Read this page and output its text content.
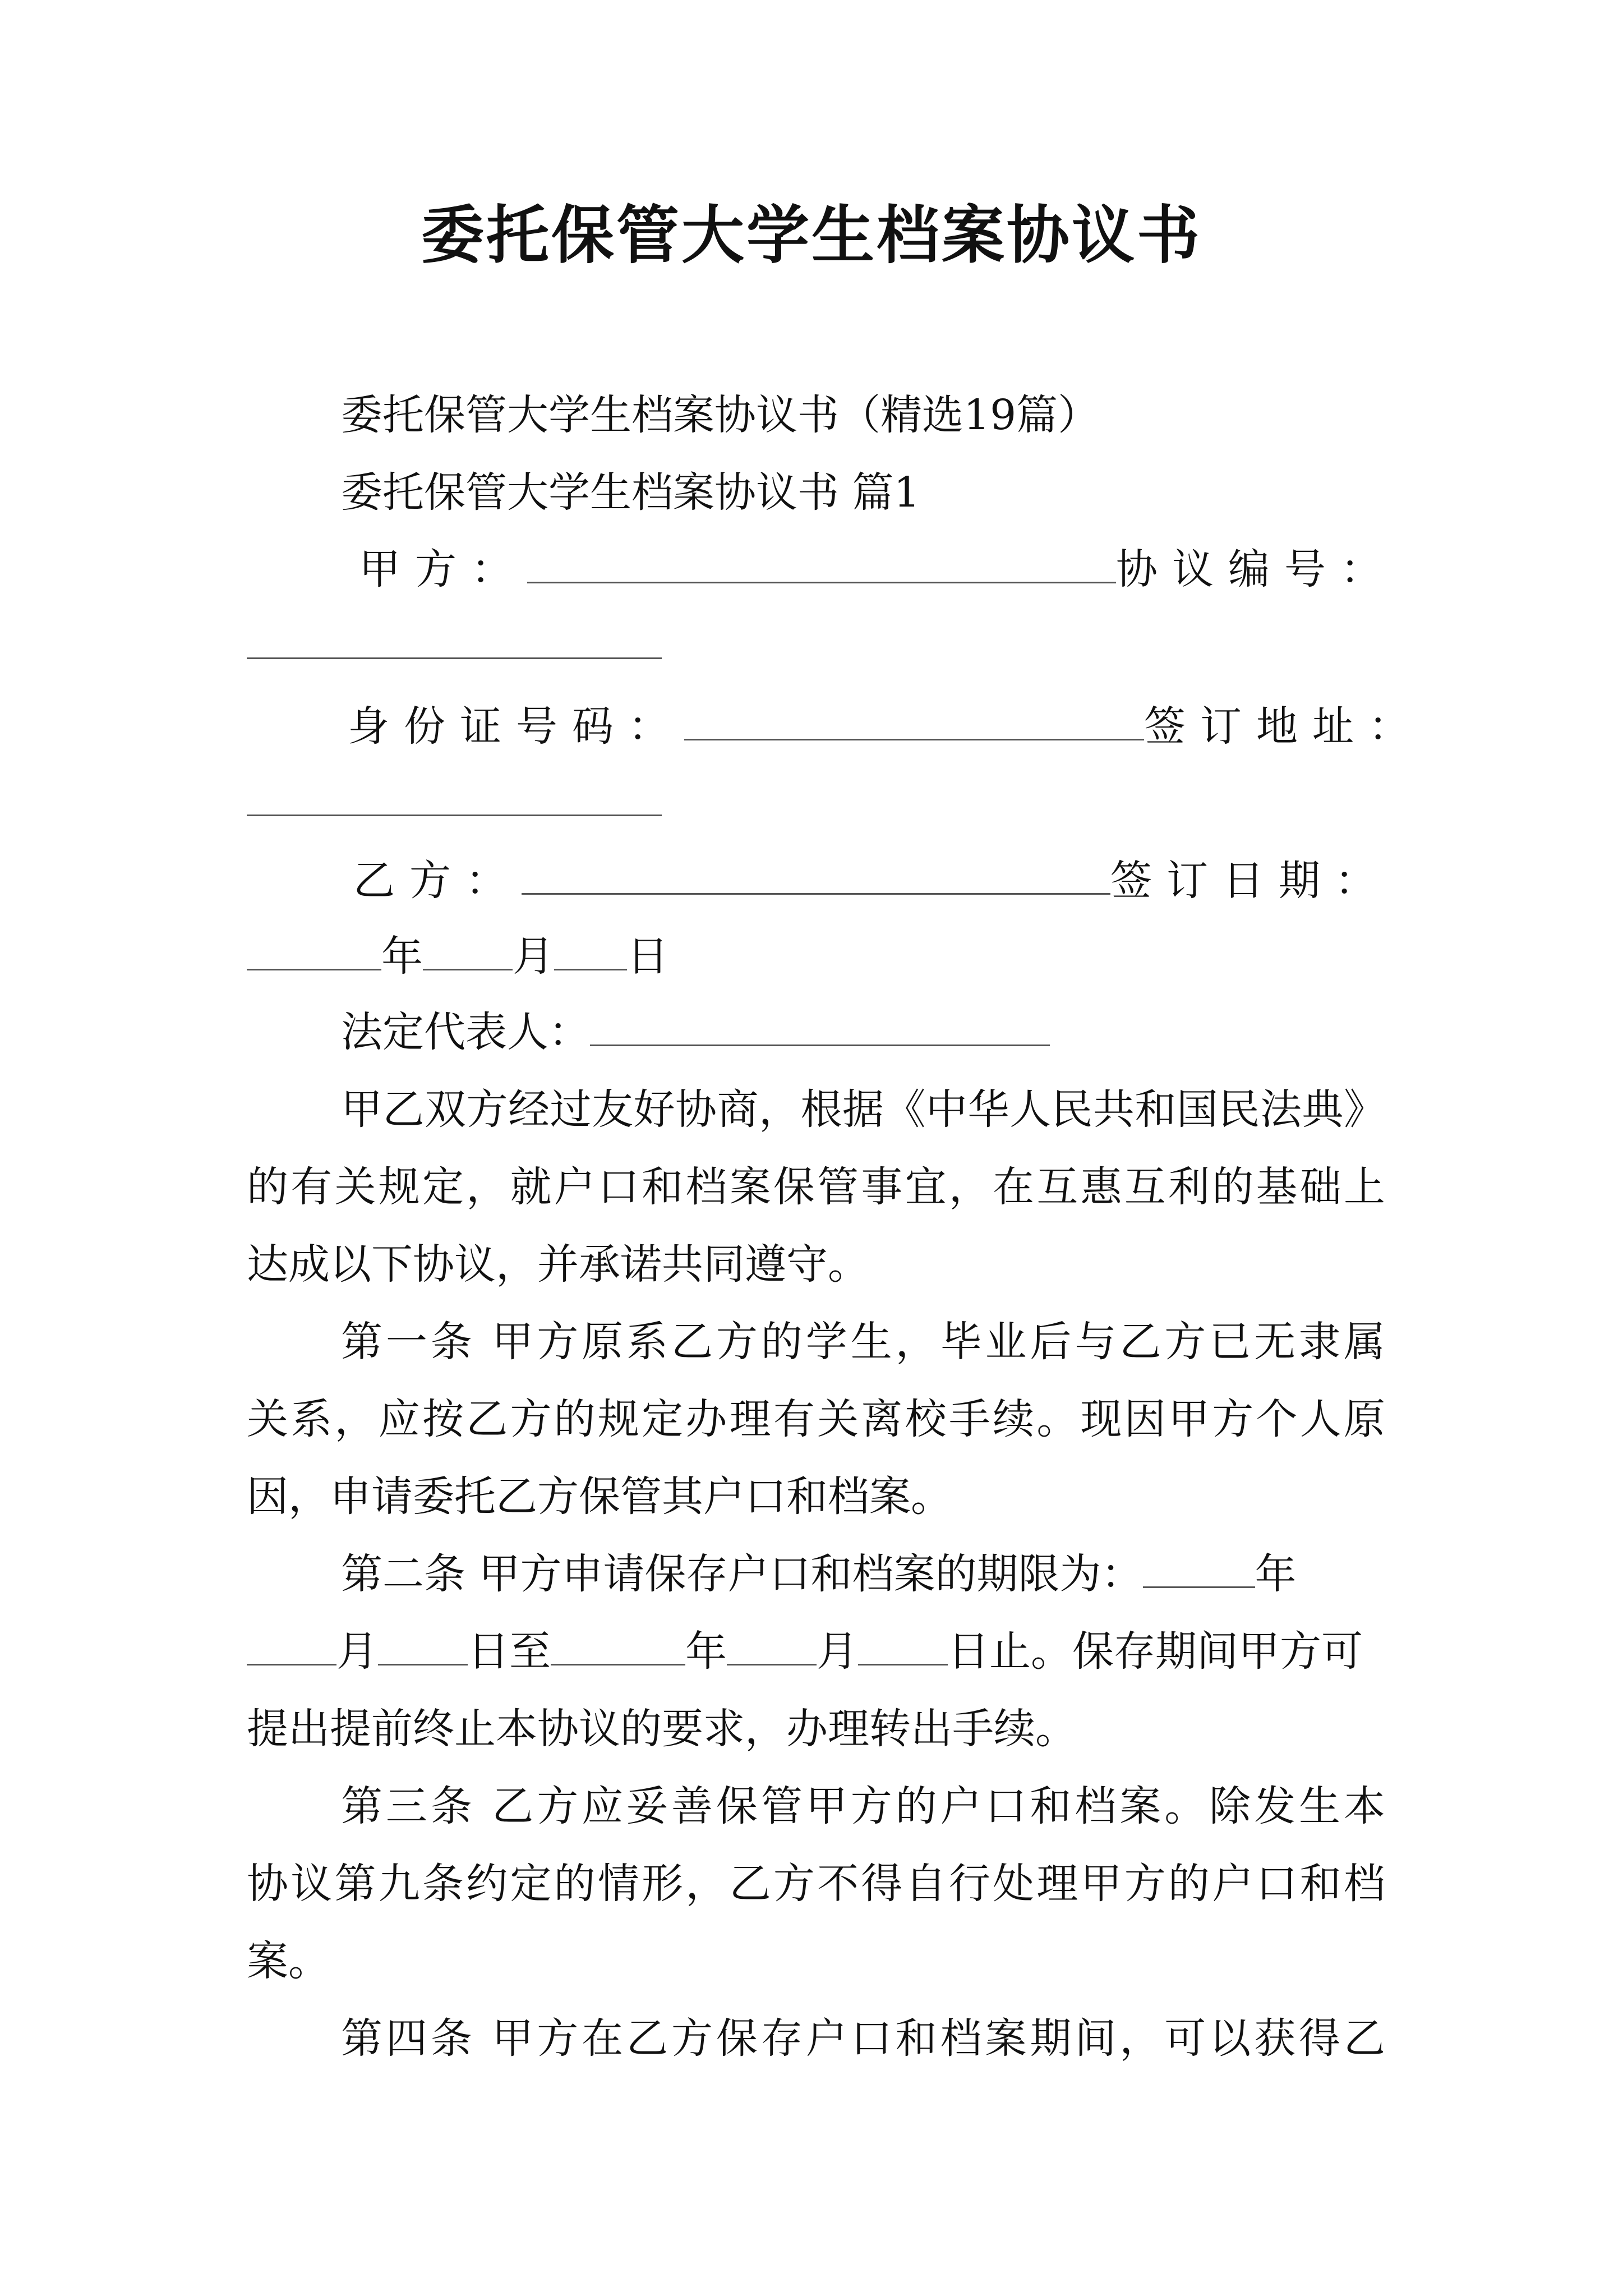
委托保管大学生档案协议书
委托保管大学生档案协议书（精选19篇）
委托保管大学生档案协议书 篇1
甲方：	协议编号：
身份证号码：	签订地址：
乙方：	签订日期：
年 月 日
法定代表人：
甲乙双方经过友好协商，根据《中华人民共和国民法典》
的有关规定，就户口和档案保管事宜，在互惠互利的基础上
达成以下协议，并承诺共同遵守。
第一条 甲方原系乙方的学生，毕业后与乙方已无隶属
关系，应按乙方的规定办理有关离校手续。现因甲方个人原
因，申请委托乙方保管其户口和档案。
第二条 甲方申请保存户口和档案的期限为：	年
月 日至	年 月 日止。保存期间甲方可
提出提前终止本协议的要求，办理转出手续。
第三条 乙方应妥善保管甲方的户口和档案。除发生本
协议第九条约定的情形，乙方不得自行处理甲方的户口和档
案。
第四条 甲方在乙方保存户口和档案期间，可以获得乙
